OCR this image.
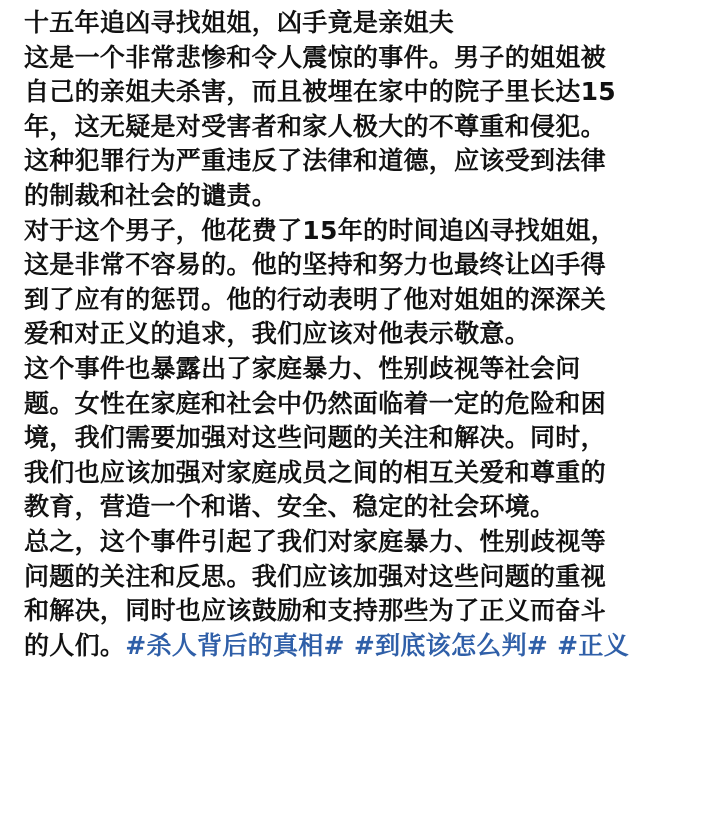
十五年追凶寻找姐姐，凶手竟是亲姐夫
这是一个非常悲惨和令人震惊的事件。男子的姐姐被
自己的亲姐夫杀害，而且被埋在家中的院子里长达15
年，这无疑是对受害者和家人极大的不尊重和侵犯。
这种犯罪行为严重违反了法律和道德，应该受到法律
的制裁和社会的谴责。
对于这个男子，他花费了15年的时间追凶寻找姐姐，
这是非常不容易的。他的坚持和努力也最终让凶手得
到了应有的惩罚。他的行动表明了他对姐姐的深深关
爱和对正义的追求，我们应该对他表示敬意。
这个事件也暴露出了家庭暴力、性别歧视等社会问
题。女性在家庭和社会中仍然面临着一定的危险和困
境，我们需要加强对这些问题的关注和解决。同时，
我们也应该加强对家庭成员之间的相互关爱和尊重的
教育，营造一个和谐、安全、稳定的社会环境。
总之，这个事件引起了我们对家庭暴力、性别歧视等
问题的关注和反思。我们应该加强对这些问题的重视
和解决，同时也应该鼓励和支持那些为了正义而奋斗
的人们。#杀人背后的真相# #到底该怎么判# #正义
